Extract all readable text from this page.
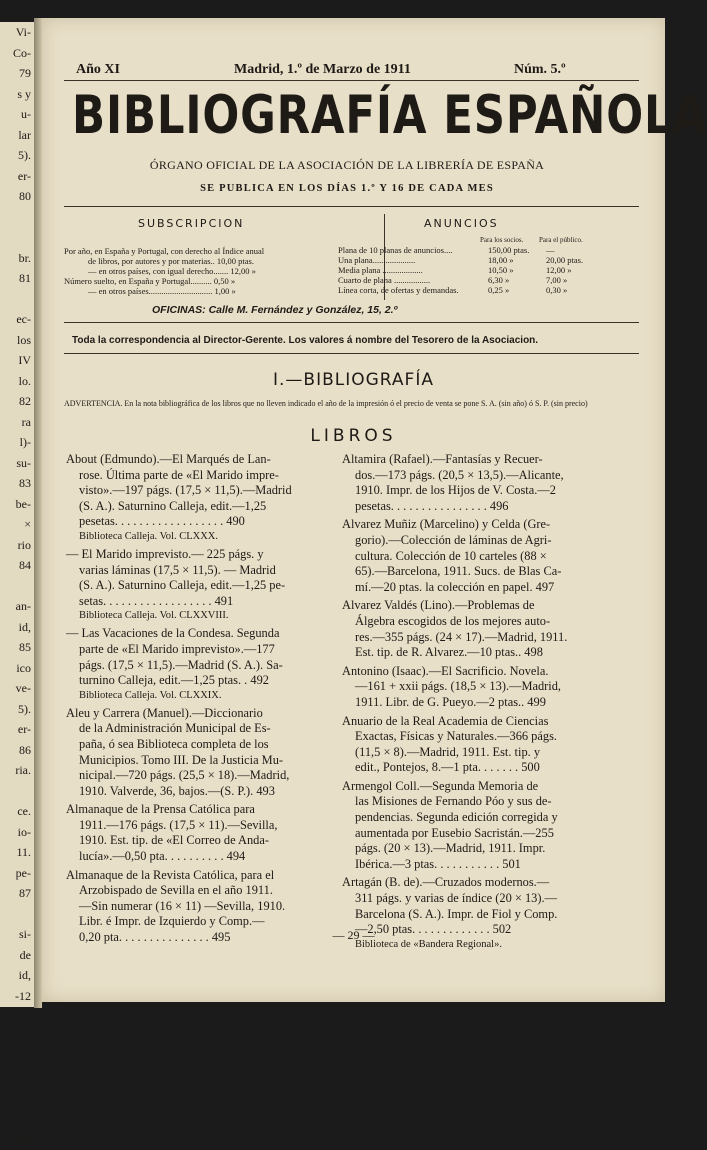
Vi-
Co-
79
s y
u-
lar
5).
er-
80

br.
81

ec-
los
IV
lo.
82
ra
l)-
su-
83
be-
×
rio
84

an-
id,
85
ico
ve-
5).
er-
86
ria.

ce.
io-
11.
pe-
87

si-
de
id,
-12
88

ca.
La-
22
de
89
Año XI	Madrid, 1.º de Marzo de 1911	Núm. 5.º
BIBLIOGRAFÍA ESPAÑOLA
ÓRGANO OFICIAL DE LA ASOCIACIÓN DE LA LIBRERÍA DE ESPAÑA
SE PUBLICA EN LOS DÍAS 1.º Y 16 DE CADA MES
SUBSCRIPCION
Por año, en España y Portugal, con derecho al Índice anual
de libros, por autores y por materias.. 10,00 ptas.
— en otros países, con igual derecho....... 12,00 »
Número suelto, en España y Portugal.......... 0,50 »
— en otros países.............................. 1,00 »
ANUNCIOS
Para los socios. Para el público.
Plana de 10 planas de anuncios....	150,00 ptas. —
Una plana....................	18,00 »	20,00 ptas.
Media plana ...................	10,50 »	12,00 »
Cuarto de plana .................	6,30 »	7,00 »
Línea corta, de ofertas y demandas.	0,25 »	0,30 »
OFICINAS: Calle M. Fernández y González, 15, 2.º
Toda la correspondencia al Director-Gerente. Los valores á nombre del Tesorero de la Asociacion.
I.—BIBLIOGRAFÍA
ADVERTENCIA. En la nota bibliográfica de los libros que no lleven indicado el año de la impresión ó el precio de venta se pone S. A. (sin año) ó S. P. (sin precio)
LIBROS
About (Edmundo).—El Marqués de Lan-
rose. Última parte de «El Marido impre-
visto».—197 págs. (17,5 × 11,5).—Madrid
(S. A.). Saturnino Calleja, edit.—1,25
pesetas. . . . . . . . . . . . . . . . . . 490
Biblioteca Calleja. Vol. CLXXX.
— El Marido imprevisto.— 225 págs. y
varias láminas (17,5 × 11,5). — Madrid
(S. A.). Saturnino Calleja, edit.—1,25 pe-
setas. . . . . . . . . . . . . . . . . . 491
Biblioteca Calleja. Vol. CLXXVIII.
— Las Vacaciones de la Condesa. Segunda
parte de «El Marido imprevisto».—177
págs. (17,5 × 11,5).—Madrid (S. A.). Sa-
turnino Calleja, edit.—1,25 ptas. . 492
Biblioteca Calleja. Vol. CLXXIX.
Aleu y Carrera (Manuel).—Diccionario
de la Administración Municipal de Es-
paña, ó sea Biblioteca completa de los
Municipios. Tomo III. De la Justicia Mu-
nicipal.—720 págs. (25,5 × 18).—Madrid,
1910. Valverde, 36, bajos.—(S. P.). 493
Almanaque de la Prensa Católica para
1911.—176 págs. (17,5 × 11).—Sevilla,
1910. Est. tip. de «El Correo de Anda-
lucía».—0,50 pta. . . . . . . . . . 494
Almanaque de la Revista Católica, para el
Arzobispado de Sevilla en el año 1911.
—Sin numerar (16 × 11) —Sevilla, 1910.
Libr. é Impr. de Izquierdo y Comp.—
0,20 pta. . . . . . . . . . . . . . . 495
Altamira (Rafael).—Fantasías y Recuer-
dos.—173 págs. (20,5 × 13,5).—Alicante,
1910. Impr. de los Hijos de V. Costa.—2
pesetas. . . . . . . . . . . . . . . . 496
Alvarez Muñiz (Marcelino) y Celda (Gre-
gorio).—Colección de láminas de Agri-
cultura. Colección de 10 carteles (88 ×
65).—Barcelona, 1911. Sucs. de Blas Ca-
mí.—20 ptas. la colección en papel. 497
Alvarez Valdés (Lino).—Problemas de
Álgebra escogidos de los mejores auto-
res.—355 págs. (24 × 17).—Madrid, 1911.
Est. tip. de R. Alvarez.—10 ptas.. 498
Antonino (Isaac).—El Sacrificio. Novela.
—161 + xxii págs. (18,5 × 13).—Madrid,
1911. Libr. de G. Pueyo.—2 ptas.. 499
Anuario de la Real Academia de Ciencias
Exactas, Físicas y Naturales.—366 págs.
(11,5 × 8).—Madrid, 1911. Est. tip. y
edit., Pontejos, 8.—1 pta. . . . . . . 500
Armengol Coll.—Segunda Memoria de
las Misiones de Fernando Póo y sus de-
pendencias. Segunda edición corregida y
aumentada por Eusebio Sacristán.—255
págs. (20 × 13).—Madrid, 1911. Impr.
Ibérica.—3 ptas. . . . . . . . . . . 501
Artagán (B. de).—Cruzados modernos.—
311 págs. y varias de índice (20 × 13).—
Barcelona (S. A.). Impr. de Fiol y Comp.
—2,50 ptas. . . . . . . . . . . . . 502
Biblioteca de «Bandera Regional».
— 29 —
